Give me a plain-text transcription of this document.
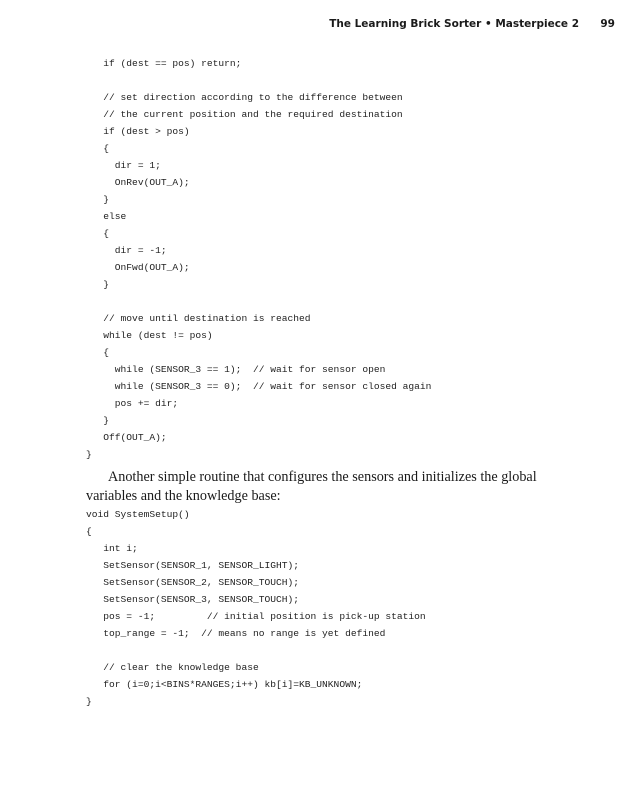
The Learning Brick Sorter • Masterpiece 2 99
if (dest == pos) return;
// set direction according to the difference between
// the current position and the required destination
if (dest > pos)
{
dir = 1;
OnRev(OUT_A);
}
else
{
dir = -1;
OnFwd(OUT_A);
}
// move until destination is reached
while (dest != pos)
{
while (SENSOR_3 == 1);  // wait for sensor open
while (SENSOR_3 == 0);  // wait for sensor closed again
pos += dir;
}
Off(OUT_A);
}

Another simple routine that configures the sensors and initializes the global variables and the knowledge base:

void SystemSetup()
{
int i;
SetSensor(SENSOR_1, SENSOR_LIGHT);
SetSensor(SENSOR_2, SENSOR_TOUCH);
SetSensor(SENSOR_3, SENSOR_TOUCH);
pos = -1;         // initial position is pick-up station
top_range = -1;  // means no range is yet defined
// clear the knowledge base
for (i=0;i<BINS*RANGES;i++) kb[i]=KB_UNKNOWN;
}
